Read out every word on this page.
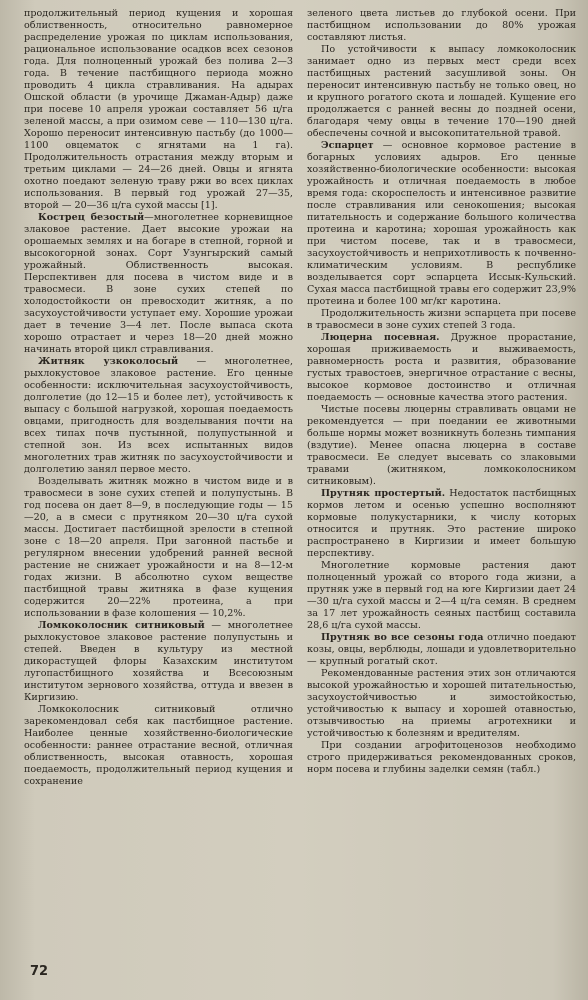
продолжительный период кущения и хорошая облиственность, относительно равномерное распределение урожая по циклам использования, рациональное использование осадков всех сезонов года. Для полноценный урожай без полива 2—3 года. В течение пастбищного периода можно проводить 4 цикла стравливания. На адырах Ошской области (в урочище Джаман-Адыр) даже при посеве 10 апреля урожаи составляет 56 ц/га зеленой массы, а при озимом севе — 110—130 ц/га. Хорошо переносит интенсивную пастьбу (до 1000—1100 овцематок с ягнятами на 1 га). Продолжительность отрастания между вторым и третьим циклами — 24—26 дней. Овцы и ягнята охотно поедают зеленую траву ржи во всех циклах использования. В первый год урожай 27—35, второй — 20—36 ц/га сухой массы [1].

Кострец безостый—многолетнее корневищное злаковое растение. Дает высокие урожаи на орошаемых землях и на богаре в степной, горной и высокогорной зонах. Сорт Узунгырский самый урожайный. Облиственность высокая. Перспективен для посева в чистом виде и в травосмеси. В зоне сухих степей по холодостойкости он превосходит житняк, а по засухоустойчивости уступает ему. Хорошие урожаи дает в течение 3—4 лет. После выпаса скота хорошо отрастает и через 18—20 дней можно начинать второй цикл стравливания.

Житняк узкоколосый — многолетнее, рыхлокустовое злаковое растение. Его ценные особенности: исключительная засухоустойчивость, долголетие (до 12—15 и более лет), устойчивость к выпасу с большой нагрузкой, хорошая поедаемость овцами, пригодность для возделывания почти на всех типах почв пустынной, полупустынной и степной зон. Из всех испытанных видов многолетних трав житняк по засухоустойчивости и долголетию занял первое место.

Возделывать житняк можно в чистом виде и в травосмеси в зоне сухих степей и полупустынь. В год посева он дает 8—9, в последующие годы — 15—20, а в смеси с прутняком 20—30 ц/га сухой массы. Достигает пастбищной зрелости в степной зоне с 18—20 апреля. При загонной пастьбе и регулярном внесении удобрений ранней весной растение не снижает урожайности и на 8—12-м годах жизни. В абсолютно сухом веществе пастбищной травы житняка в фазе кущения содержится 20—22% протеина, а при использовании в фазе колошения — 10,2%.

Ломкоколосник ситниковый — многолетнее рыхлокустовое злаковое растение полупустынь и степей. Введен в культуру из местной дикорастущей флоры Казахским институтом лугопастбищного хозяйства и Всесоюзным институтом зернового хозяйства, оттуда и ввезен в Киргизию.

Ломкоколосник ситниковый отлично зарекомендовал себя как пастбищное растение. Наиболее ценные хозяйственно-биологические особенности: раннее отрастание весной, отличная облиственность, высокая отавность, хорошая поедаемость, продолжительный период кущения и сохранение

зеленого цвета листьев до глубокой осени. При пастбищном использовании до 80% урожая составляют листья.

По устойчивости к выпасу ломкоколосник занимает одно из первых мест среди всех пастбищных растений засушливой зоны. Он переносит интенсивную пастьбу не только овец, но и крупного рогатого скота и лошадей. Кущение его продолжается с ранней весны до поздней осени, благодаря чему овцы в течение 170—190 дней обеспечены сочной и высокопитательной травой.

Эспарцет — основное кормовое растение в богарных условиях адыров. Его ценные хозяйственно-биологические особенности: высокая урожайность и отличная поедаемость в любое время года: скороспелость и интенсивное развитие после стравливания или сенокошения; высокая питательность и содержание большого количества протеина и каротина; хорошая урожайность как при чистом посеве, так и в травосмеси, засухоустойчивость и неприхотливость к почвенно-климатическим условиям. В республике возделывается сорт эспарцета Иссык-Кульский. Сухая масса пастбищной травы его содержит 23,9% протеина и более 100 мг/кг каротина.

Продолжительность жизни эспарцета при посеве в травосмеси в зоне сухих степей 3 года.

Люцерна посевная. Дружное прорастание, хорошая приживаемость и выживаемость, равномерность роста и развития, образование густых травостоев, энергичное отрастание с весны, высокое кормовое достоинство и отличная поедаемость — основные качества этого растения.

Чистые посевы люцерны стравливать овцами не рекомендуется — при поедании ее животными больше нормы может возникнуть болезнь тимпания (вздутие). Менее опасна люцерна в составе травосмеси. Ее следует высевать со злаковыми травами (житняком, ломкоколосником ситниковым).

Прутняк простертый. Недостаток пастбищных кормов летом и осенью успешно восполняют кормовые полукустарники, к числу которых относится и прутняк. Это растение широко распространено в Киргизии и имеет большую перспективу.

Многолетние кормовые растения дают полноценный урожай со второго года жизни, а прутняк уже в первый год на юге Киргизии дает 24—30 ц/га сухой массы и 2—4 ц/га семян. В среднем за 17 лет урожайность сеяных пастбищ составила 28,6 ц/га сухой массы.

Прутняк во все сезоны года отлично поедают козы, овцы, верблюды, лошади и удовлетворительно — крупный рогатый скот.

Рекомендованные растения этих зон отличаются высокой урожайностью и хорошей питательностью, засухоустойчивостью и зимостойкостью, устойчивостью к выпасу и хорошей отавностью, отзывчивостью на приемы агротехники и устойчивостью к болезням и вредителям.

При создании агрофитоценозов необходимо строго придерживаться рекомендованных сроков, норм посева и глубины заделки семян (табл.)

72
